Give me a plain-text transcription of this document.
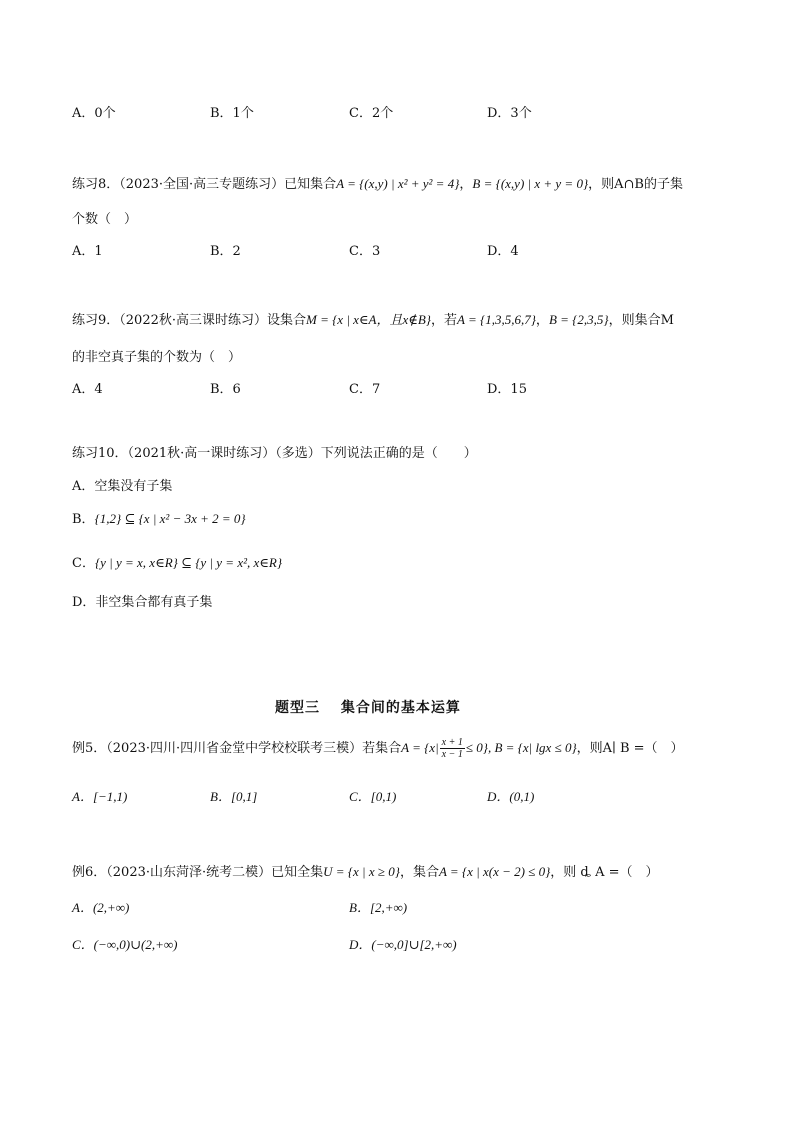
A．0个	B．1个	C．2个	D．3个
练习8．（2023·全国·高三专题练习）已知集合A = {(x,y) | x² + y² = 4}，B = {(x,y) | x + y = 0}，则A∩B的子集
个数（　）
A．1	B．2	C．3	D．4
练习9．（2022秋·高三课时练习）设集合M = {x | x∈A，且x∉B}，若A = {1,3,5,6,7}，B = {2,3,5}，则集合M
的非空真子集的个数为（　）
A．4	B．6	C．7	D．15
练习10．（2021秋·高一课时练习）（多选）下列说法正确的是（　　）
A．空集没有子集
B．{1,2} ⊆ {x | x² − 3x + 2 = 0}
C．{y | y = x, x∈R} ⊆ {y | y = x², x∈R}
D．非空集合都有真子集
题型三　 集合间的基本运算
例5．（2023·四川·四川省金堂中学校校联考三模）若集合$A = \{x| \frac{x + 1}{x - 1} \le 0\}$, B = {x| lgx ≤ 0}，则A∣ B =（　）
A．[−1,1)	B．[0,1]	C．[0,1)	D．(0,1)
例6．（2023·山东菏泽·统考二模）已知全集U = {x | x ≥ 0}，集合A = {x | x(x − 2) ≤ 0}，则 ȡ A =（　）
A．(2,+∞)	B．[2,+∞)
C．(−∞,0)∪(2,+∞)	D．(−∞,0]∪[2,+∞)
